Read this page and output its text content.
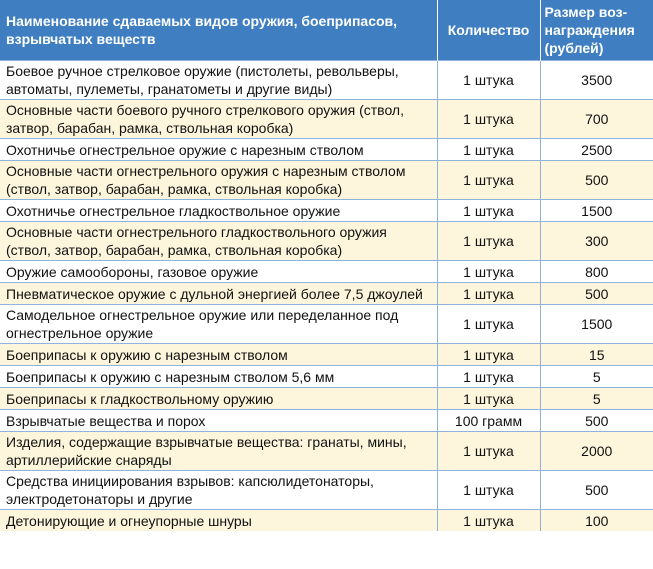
Наименование сдаваемых видов оружия, боеприпасов, взрывчатых веществ	Количество	Размер воз-награждения (рублей)
Боевое ручное стрелковое оружие (пистолеты, револьверы, автоматы, пулеметы, гранатометы и другие виды)	1 штука	3500
Основные части боевого ручного стрелкового оружия (ствол, затвор, барабан, рамка, ствольная коробка)	1 штука	700
Охотничье огнестрельное оружие с нарезным стволом	1 штука	2500
Основные части огнестрельного оружия с нарезным стволом (ствол, затвор, барабан, рамка, ствольная коробка)	1 штука	500
Охотничье огнестрельное гладкоствольное оружие	1 штука	1500
Основные части огнестрельного гладкоствольного оружия (ствол, затвор, барабан, рамка, ствольная коробка)	1 штука	300
Оружие самообороны, газовое оружие	1 штука	800
Пневматическое оружие с дульной энергией более 7,5 джоулей	1 штука	500
Самодельное огнестрельное оружие или переделанное под огнестрельное оружие	1 штука	1500
Боеприпасы к оружию с нарезным стволом	1 штука	15
Боеприпасы к оружию с нарезным стволом 5,6 мм	1 штука	5
Боеприпасы к гладкоствольному оружию	1 штука	5
Взрывчатые вещества и порох	100 грамм	500
Изделия, содержащие взрывчатые вещества: гранаты, мины, артиллерийские снаряды	1 штука	2000
Средства инициирования взрывов: капсюлидетонаторы, электродетонаторы и другие	1 штука	500
Детонирующие и огнеупорные шнуры	1 штука	100
